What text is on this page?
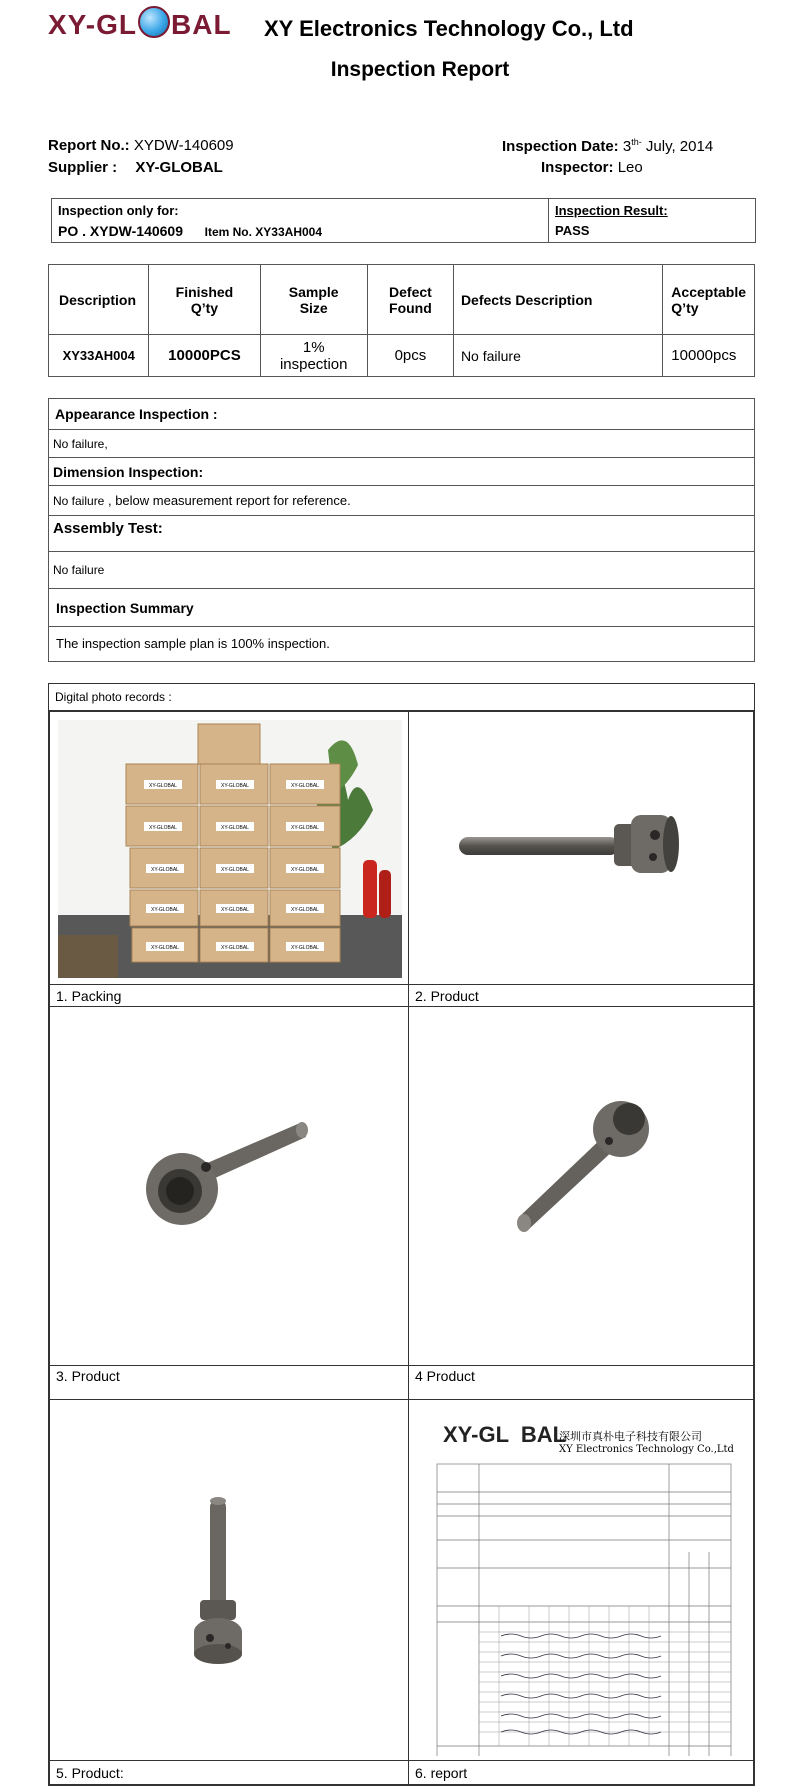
XY-GL BAL	XY Electronics Technology Co., Ltd
Inspection Report
Report No.: XYDW-140609
Supplier : XY-GLOBAL
Inspection Date: $3^{th-}$ July, 2014
Inspector: Leo
Inspection only for:
PO . XYDW-140609 Item No. XY33AH004
Inspection Result:
PASS
Description	Finished Q’ty	Sample Size	Defect Found	Defects Description	Acceptable Q’ty
XY33AH004	10000PCS	1% inspection	0pcs	No failure	10000pcs
Appearance Inspection :
No failure,
Dimension Inspection:
No failure , below measurement report for reference.
Assembly Test:
No failure
Inspection Summary
The inspection sample plan is 100% inspection.
Digital photo records :
XY-GLOBAL	XY-GLOBAL	XY-GLOBAL
XY-GLOBAL	XY-GLOBAL	XY-GLOBAL
XY-GLOBAL	XY-GLOBAL	XY-GLOBAL
XY-GLOBAL	XY-GLOBAL	XY-GLOBAL
XY-GLOBAL	XY-GLOBAL	XY-GLOBAL
1. Packing	2. Product
3. Product	4 Product
XY-GL  BAL
深圳市真朴电子科技有限公司
XY Electronics Technology Co.,Ltd
5. Product:	6. report
